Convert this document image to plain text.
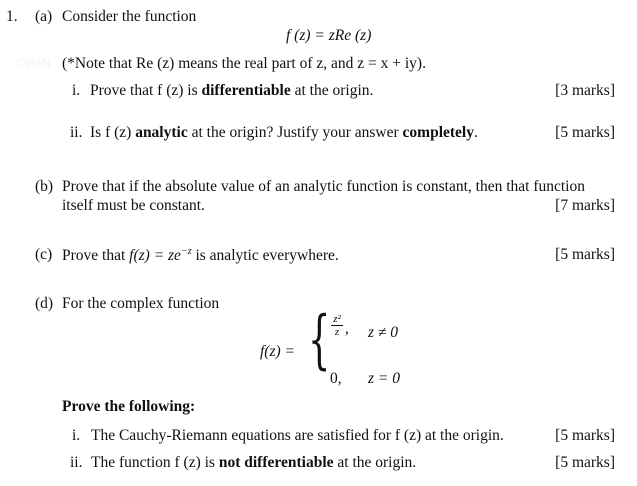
1. (a) Consider the function
f (z) = zRe (z)
Ctrl+N (*Note that Re (z) means the real part of z, and z = x + iy).
i. Prove that f (z) is differentiable at the origin.	[3 marks]
ii. Is f (z) analytic at the origin? Justify your answer completely.	[5 marks]
(b) Prove that if the absolute value of an analytic function is constant, then that function
itself must be constant.	[7 marks]
(c) Prove that $f(z) = ze^{-z}$ is analytic everywhere.	[5 marks]
(d) For the complex function
f(z) = { z²
z , z ≠ 0
0, z = 0
Prove the following:
i. The Cauchy-Riemann equations are satisfied for f (z) at the origin.	[5 marks]
ii. The function f (z) is not differentiable at the origin.	[5 marks]
